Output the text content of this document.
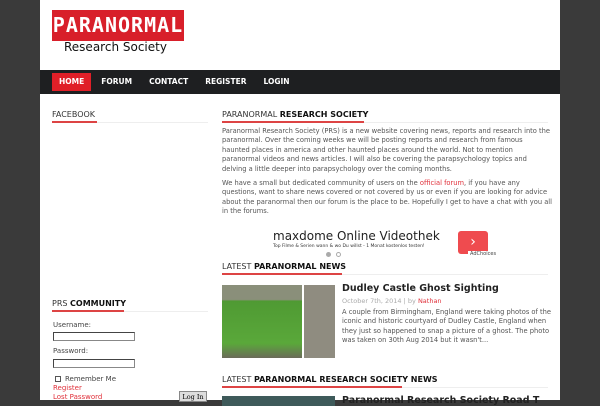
PARANORMAL
Research Society
HOME	FORUM	CONTACT	REGISTER	LOGIN
FACEBOOK
PRS COMMUNITY
Username:
Password:
Remember Me
Register
Lost Password	Log In
PARANORMAL RESEARCH SOCIETY

Paranormal Research Society (PRS) is a new website covering news, reports and research into the paranormal. Over the coming weeks we will be posting reports and research from famous haunted places in america and other haunted places around the world. Not to mention paranormal videos and news articles. I will also be covering the parapsychology topics and delving a little deeper into parapsychology over the coming months.

We have a small but dedicated community of users on the official forum, if you have any questions, want to share news covered or not covered by us or even if you are looking for advice about the paranormal then our forum is the place to be. Hopefully I get to have a chat with you all in the forums.

maxdome Online Videothek
Top Filme & Serien wann & wo Du willst - 1 Monat kostenlos testen!	›
AdChoices
LATEST PARANORMAL NEWS
Dudley Castle Ghost Sighting
October 7th, 2014 | by Nathan

A couple from Birmingham, England were taking photos of the iconic and historic courtyard of Dudley Castle, England when they just so happened to snap a picture of a ghost. The photo was taken on 30th Aug 2014 but it wasn't...

LATEST PARANORMAL RESEARCH SOCIETY NEWS
Paranormal Research Society Road T
